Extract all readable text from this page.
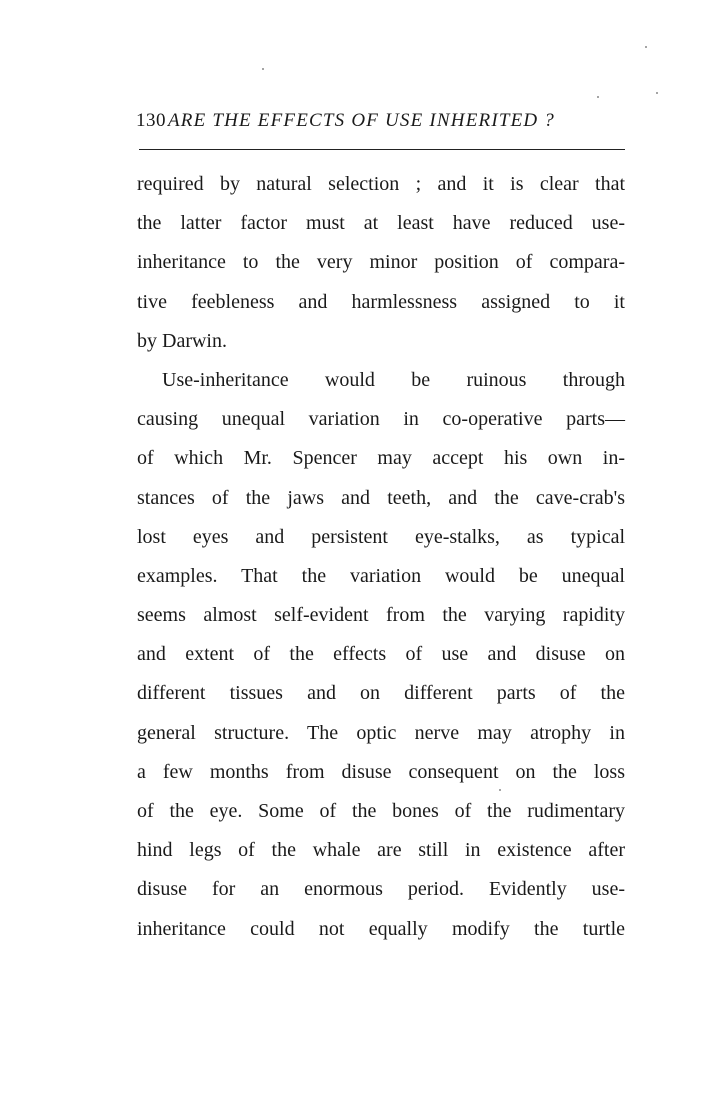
130 ARE THE EFFECTS OF USE INHERITED ?
required by natural selection ; and it is clear that
the latter factor must at least have reduced use-
inheritance to the very minor position of compara-
tive feebleness and harmlessness assigned to it
by Darwin.
Use-inheritance would be ruinous through
causing unequal variation in co-operative parts—
of which Mr. Spencer may accept his own in-
stances of the jaws and teeth, and the cave-crab's
lost eyes and persistent eye-stalks, as typical
examples. That the variation would be unequal
seems almost self-evident from the varying rapidity
and extent of the effects of use and disuse on
different tissues and on different parts of the
general structure. The optic nerve may atrophy in
a few months from disuse consequent on the loss
of the eye. Some of the bones of the rudimentary
hind legs of the whale are still in existence after
disuse for an enormous period. Evidently use-
inheritance could not equally modify the turtle
